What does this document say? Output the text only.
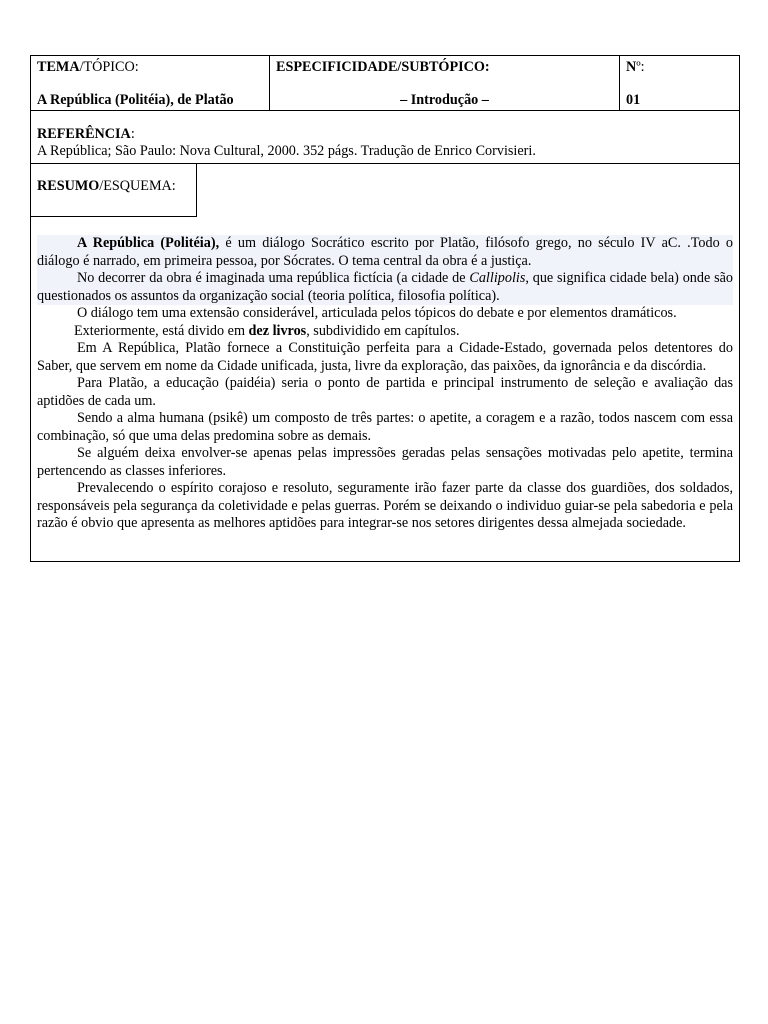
TEMA/TÓPICO:
A República (Politéia), de Platão
ESPECIFICIDADE/SUBTÓPICO:
– Introdução –
Nº:
01
REFERÊNCIA:
A República; São Paulo: Nova Cultural, 2000. 352 págs. Tradução de Enrico Corvisieri.
RESUMO/ESQUEMA:

A República (Politéia), é um diálogo Socrático escrito por Platão, filósofo grego, no século IV aC. .Todo o diálogo é narrado, em primeira pessoa, por Sócrates. O tema central da obra é a justiça.

No decorrer da obra é imaginada uma república fictícia (a cidade de Callipolis, que significa cidade bela) onde são questionados os assuntos da organização social (teoria política, filosofia política).

O diálogo tem uma extensão considerável, articulada pelos tópicos do debate e por elementos dramáticos.

Exteriormente, está divido em dez livros, subdividido em capítulos.

Em A República, Platão fornece a Constituição perfeita para a Cidade-Estado, governada pelos detentores do Saber, que servem em nome da Cidade unificada, justa, livre da exploração, das paixões, da ignorância e da discórdia.

Para Platão, a educação (paidéia) seria o ponto de partida e principal instrumento de seleção e avaliação das aptidões de cada um.

Sendo a alma humana (psikê) um composto de três partes: o apetite, a coragem e a razão, todos nascem com essa combinação, só que uma delas predomina sobre as demais.

Se alguém deixa envolver-se apenas pelas impressões geradas pelas sensações motivadas pelo apetite, termina pertencendo as classes inferiores.

Prevalecendo o espírito corajoso e resoluto, seguramente irão fazer parte da classe dos guardiões, dos soldados, responsáveis pela segurança da coletividade e pelas guerras. Porém se deixando o individuo guiar-se pela sabedoria e pela razão é obvio que apresenta as melhores aptidões para integrar-se nos setores dirigentes dessa almejada sociedade.
